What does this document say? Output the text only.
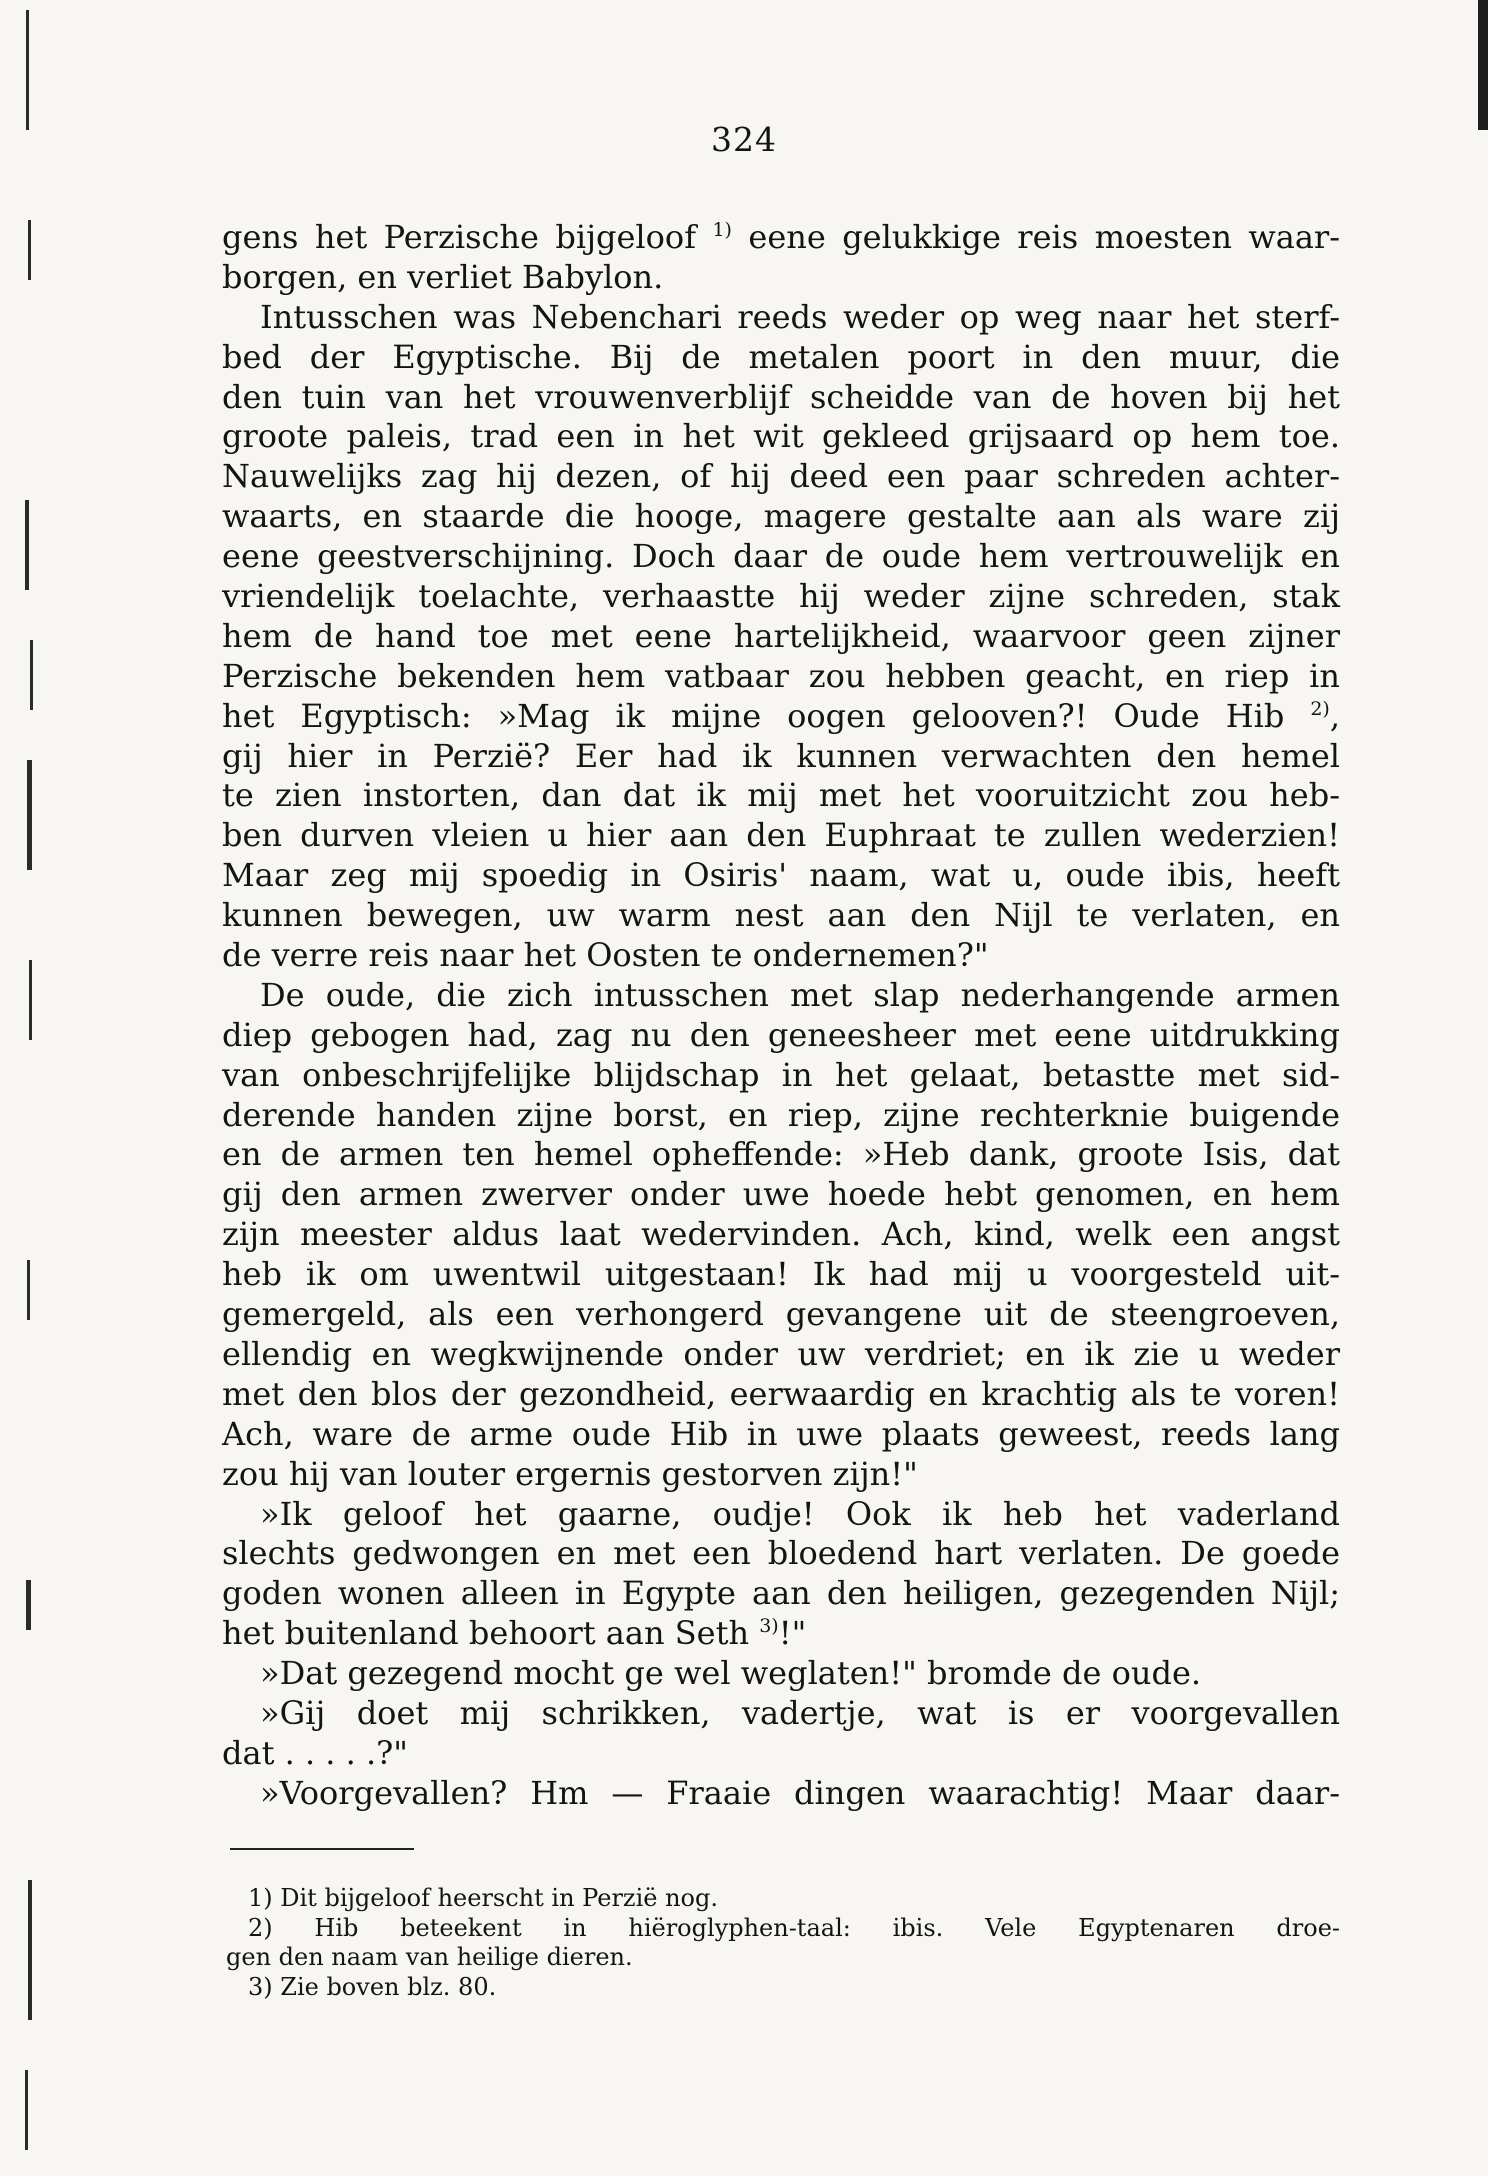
324
gens het Perzische bijgeloof $^{1)}$ eene gelukkige reis moesten waar-
borgen, en verliet Babylon.
Intusschen was Nebenchari reeds weder op weg naar het sterf-
bed der Egyptische. Bij de metalen poort in den muur, die
den tuin van het vrouwenverblijf scheidde van de hoven bij het
groote paleis, trad een in het wit gekleed grijsaard op hem toe.
Nauwelijks zag hij dezen, of hij deed een paar schreden achter-
waarts, en staarde die hooge, magere gestalte aan als ware zij
eene geestverschijning. Doch daar de oude hem vertrouwelijk en
vriendelijk toelachte, verhaastte hij weder zijne schreden, stak
hem de hand toe met eene hartelijkheid, waarvoor geen zijner
Perzische bekenden hem vatbaar zou hebben geacht, en riep in
het Egyptisch: »Mag ik mijne oogen gelooven?! Oude Hib $^{2)}$,
gij hier in Perzië? Eer had ik kunnen verwachten den hemel
te zien instorten, dan dat ik mij met het vooruitzicht zou heb-
ben durven vleien u hier aan den Euphraat te zullen wederzien!
Maar zeg mij spoedig in Osiris' naam, wat u, oude ibis, heeft
kunnen bewegen, uw warm nest aan den Nijl te verlaten, en
de verre reis naar het Oosten te ondernemen?"
De oude, die zich intusschen met slap nederhangende armen
diep gebogen had, zag nu den geneesheer met eene uitdrukking
van onbeschrijfelijke blijdschap in het gelaat, betastte met sid-
derende handen zijne borst, en riep, zijne rechterknie buigende
en de armen ten hemel opheffende: »Heb dank, groote Isis, dat
gij den armen zwerver onder uwe hoede hebt genomen, en hem
zijn meester aldus laat wedervinden. Ach, kind, welk een angst
heb ik om uwentwil uitgestaan! Ik had mij u voorgesteld uit-
gemergeld, als een verhongerd gevangene uit de steengroeven,
ellendig en wegkwijnende onder uw verdriet; en ik zie u weder
met den blos der gezondheid, eerwaardig en krachtig als te voren!
Ach, ware de arme oude Hib in uwe plaats geweest, reeds lang
zou hij van louter ergernis gestorven zijn!"
»Ik geloof het gaarne, oudje! Ook ik heb het vaderland
slechts gedwongen en met een bloedend hart verlaten. De goede
goden wonen alleen in Egypte aan den heiligen, gezegenden Nijl;
het buitenland behoort aan Seth $^{3)}$!"
»Dat gezegend mocht ge wel weglaten!" bromde de oude.
»Gij doet mij schrikken, vadertje, wat is er voorgevallen
dat . . . . .?"
»Voorgevallen? Hm — Fraaie dingen waarachtig! Maar daar-
1) Dit bijgeloof heerscht in Perzië nog.
2) Hib beteekent in hiëroglyphen-taal: ibis. Vele Egyptenaren droe-
gen den naam van heilige dieren.
3) Zie boven blz. 80.
